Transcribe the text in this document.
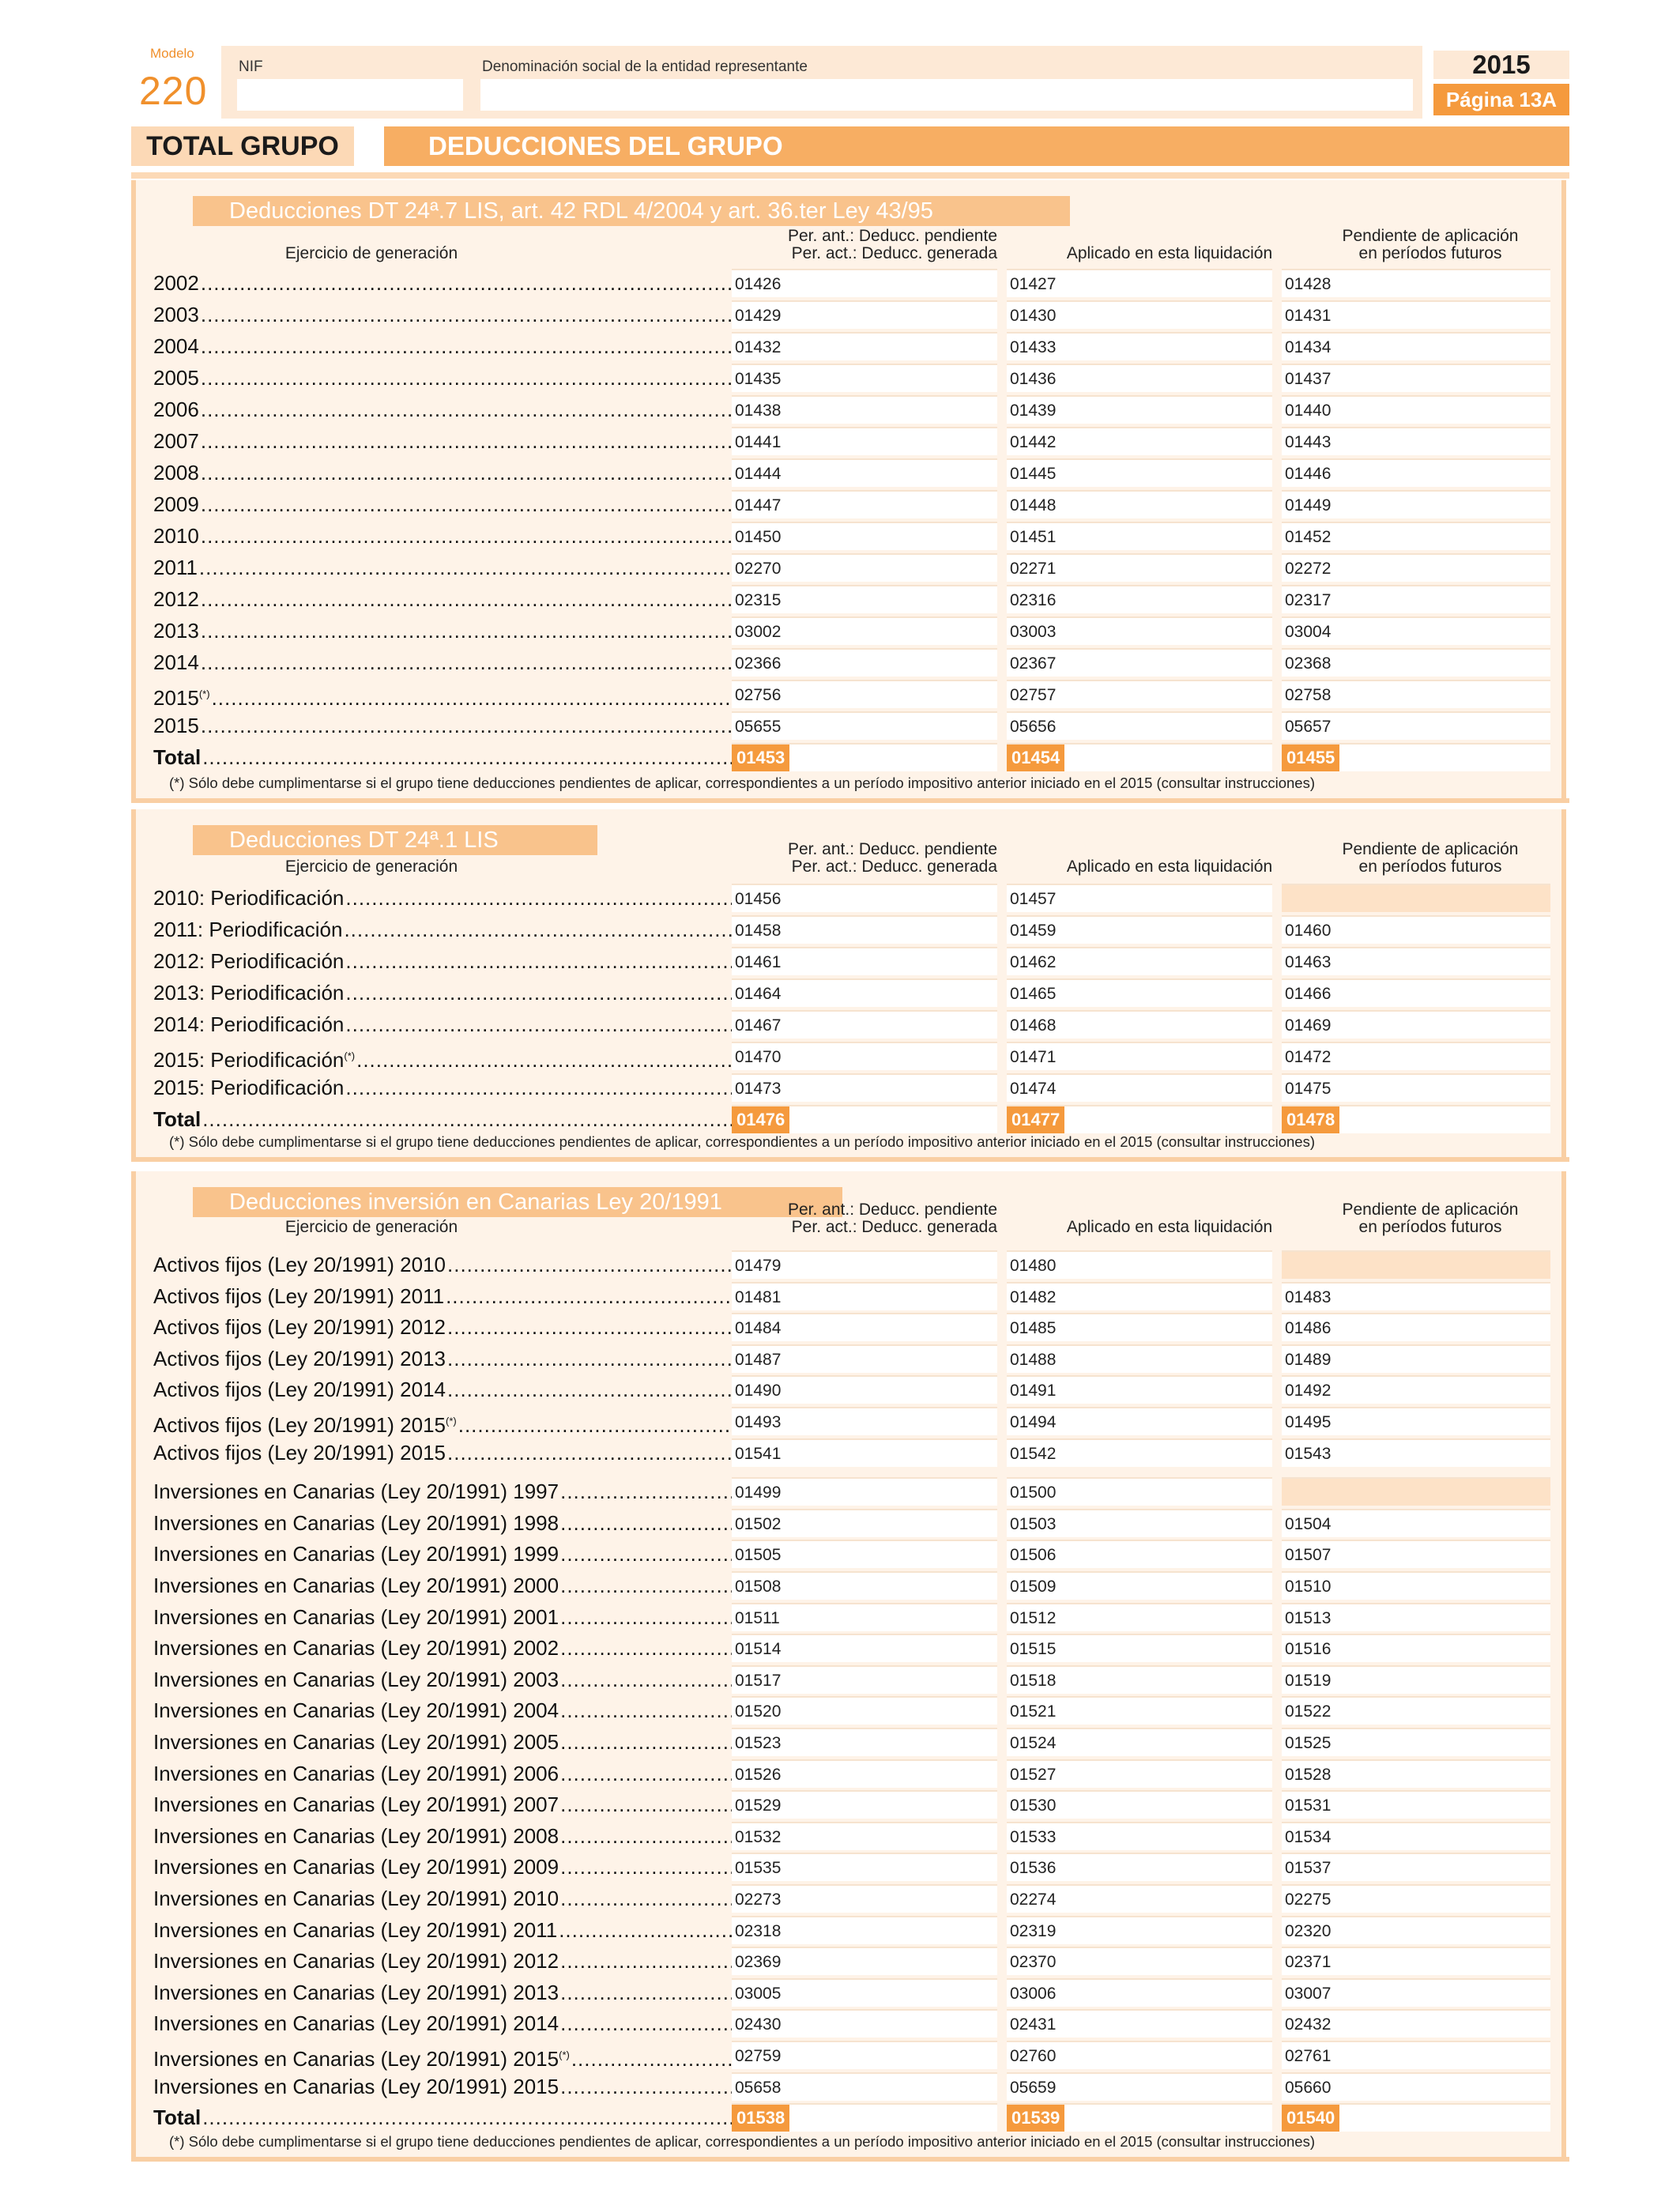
Modelo
220
NIF	Denominación social de la entidad representante	2015
Página 13A
TOTAL GRUPO	DEDUCCIONES DEL GRUPO
Deducciones DT 24ª.7 LIS, art. 42 RDL 4/2004 y art. 36.ter Ley 43/95
Ejercicio de generación
Per. ant.: Deducc. pendiente
Per. act.: Deducc. generada	Aplicado en esta liquidación
Pendiente de aplicación
en períodos futuros
2002 .....	01426	01427	01428
2003 .....	01429	01430	01431
2004 .....	01432	01433	01434
2005 .....	01435	01436	01437
2006 .....	01438	01439	01440
2007 .....	01441	01442	01443
2008 .....	01444	01445	01446
2009 .....	01447	01448	01449
2010 .....	01450	01451	01452
2011 .....	02270	02271	02272
2012 .....	02315	02316	02317
2013 .....	03002	03003	03004
2014 .....	02366	02367	02368
2015(*) .....	02756	02757	02758
2015 .....	05655	05656	05657
Total .....	01453	01454	01455
(*) Sólo debe cumplimentarse si el grupo tiene deducciones pendientes de aplicar, correspondientes a un período impositivo anterior iniciado en el 2015 (consultar instrucciones)
Deducciones DT 24ª.1 LIS
Ejercicio de generación
Per. ant.: Deducc. pendiente
Per. act.: Deducc. generada	Aplicado en esta liquidación
Pendiente de aplicación
en períodos futuros
2010: Periodificación .....	01456	01457
2011: Periodificación .....	01458	01459	01460
2012: Periodificación .....	01461	01462	01463
2013: Periodificación .....	01464	01465	01466
2014: Periodificación .....	01467	01468	01469
2015: Periodificación(*) .....	01470	01471	01472
2015: Periodificación .....	01473	01474	01475
Total .....	01476	01477	01478
(*) Sólo debe cumplimentarse si el grupo tiene deducciones pendientes de aplicar, correspondientes a un período impositivo anterior iniciado en el 2015 (consultar instrucciones)
Deducciones inversión en Canarias Ley 20/1991
Ejercicio de generación
Per. ant.: Deducc. pendiente
Per. act.: Deducc. generada	Aplicado en esta liquidación
Pendiente de aplicación
en períodos futuros
Activos fijos (Ley 20/1991) 2010 .....	01479	01480
Activos fijos (Ley 20/1991) 2011 .....	01481	01482	01483
Activos fijos (Ley 20/1991) 2012 .....	01484	01485	01486
Activos fijos (Ley 20/1991) 2013 .....	01487	01488	01489
Activos fijos (Ley 20/1991) 2014 .....	01490	01491	01492
Activos fijos (Ley 20/1991) 2015(*) .....	01493	01494	01495
Activos fijos (Ley 20/1991) 2015 .....	01541	01542	01543
Inversiones en Canarias (Ley 20/1991) 1997 .....	01499	01500
Inversiones en Canarias (Ley 20/1991) 1998 .....	01502	01503	01504
Inversiones en Canarias (Ley 20/1991) 1999 .....	01505	01506	01507
Inversiones en Canarias (Ley 20/1991) 2000 .....	01508	01509	01510
Inversiones en Canarias (Ley 20/1991) 2001 .....	01511	01512	01513
Inversiones en Canarias (Ley 20/1991) 2002 .....	01514	01515	01516
Inversiones en Canarias (Ley 20/1991) 2003 .....	01517	01518	01519
Inversiones en Canarias (Ley 20/1991) 2004 .....	01520	01521	01522
Inversiones en Canarias (Ley 20/1991) 2005 .....	01523	01524	01525
Inversiones en Canarias (Ley 20/1991) 2006 .....	01526	01527	01528
Inversiones en Canarias (Ley 20/1991) 2007 .....	01529	01530	01531
Inversiones en Canarias (Ley 20/1991) 2008 .....	01532	01533	01534
Inversiones en Canarias (Ley 20/1991) 2009 .....	01535	01536	01537
Inversiones en Canarias (Ley 20/1991) 2010 .....	02273	02274	02275
Inversiones en Canarias (Ley 20/1991) 2011 .....	02318	02319	02320
Inversiones en Canarias (Ley 20/1991) 2012 .....	02369	02370	02371
Inversiones en Canarias (Ley 20/1991) 2013 .....	03005	03006	03007
Inversiones en Canarias (Ley 20/1991) 2014 .....	02430	02431	02432
Inversiones en Canarias (Ley 20/1991) 2015(*) .....	02759	02760	02761
Inversiones en Canarias (Ley 20/1991) 2015 .....	05658	05659	05660
Total .....	01538	01539	01540
(*) Sólo debe cumplimentarse si el grupo tiene deducciones pendientes de aplicar, correspondientes a un período impositivo anterior iniciado en el 2015 (consultar instrucciones)
